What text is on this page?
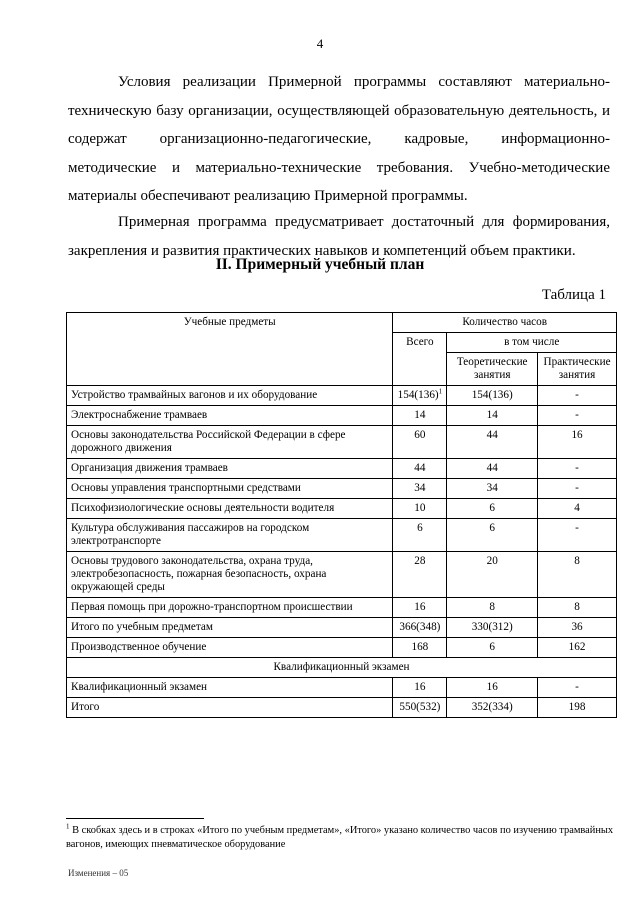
4
Условия реализации Примерной программы составляют материально-техническую базу организации, осуществляющей образовательную деятельность, и содержат организационно-педагогические, кадровые, информационно-методические и материально-технические требования. Учебно-методические материалы обеспечивают реализацию Примерной программы.
Примерная программа предусматривает достаточный для формирования, закрепления и развития практических навыков и компетенций объем практики.
II. Примерный учебный план
Таблица 1
Учебные предметы	Количество часов		
	Всего	в том числе	
		Теоретические занятия	Практические занятия
Устройство трамвайных вагонов и их оборудование	$154(136)^1$	154(136)	-
Электроснабжение трамваев	14	14	-
Основы законодательства Российской Федерации в сфере дорожного движения	60	44	16
Организация движения трамваев	44	44	-
Основы управления транспортными средствами	34	34	-
Психофизиологические основы деятельности водителя	10	6	4
Культура обслуживания пассажиров на городском электротранспорте	6	6	-
Основы трудового законодательства, охрана труда, электробезопасность, пожарная безопасность, охрана окружающей среды	28	20	8
Первая помощь при дорожно-транспортном происшествии	16	8	8
Итого по учебным предметам	366(348)	330(312)	36
Производственное обучение	168	6	162
Квалификационный экзамен			
Квалификационный экзамен	16	16	-
Итого	550(532)	352(334)	198
$^1$ В скобках здесь и в строках «Итого по учебным предметам», «Итого» указано количество часов по изучению трамвайных вагонов, имеющих пневматическое оборудование
Изменения – 05
